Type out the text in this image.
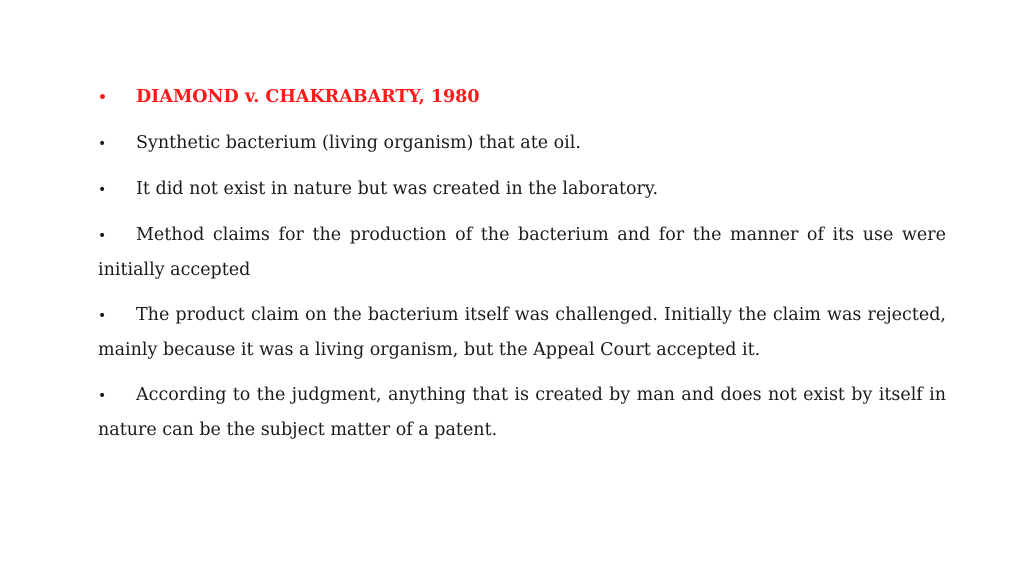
• DIAMOND v. CHAKRABARTY, 1980

• Synthetic bacterium (living organism) that ate oil.

• It did not exist in nature but was created in the laboratory.

• Method claims for the production of the bacterium and for the manner of its use were initially accepted

• The product claim on the bacterium itself was challenged. Initially the claim was rejected, mainly because it was a living organism, but the Appeal Court accepted it.

• According to the judgment, anything that is created by man and does not exist by itself in nature can be the subject matter of a patent.
